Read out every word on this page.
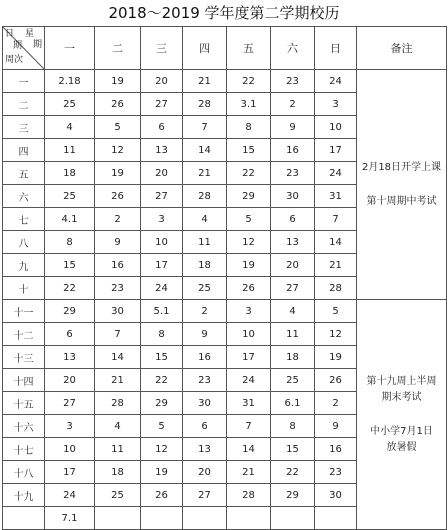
2018～2019 学年度第二学期校历
星
期
日
期
周次	一	二	三	四	五	六	日	备注
一	2.18	19	20	21	22	23	24	2月18日开学上课
第十周期中考试

二	25	26	27	28	3.1	2	3	
三	4	5	6	7	8	9	10	
四	11	12	13	14	15	16	17	
五	18	19	20	21	22	23	24	
六	25	26	27	28	29	30	31	
七	4.1	2	3	4	5	6	7	
八	8	9	10	11	12	13	14	
九	15	16	17	18	19	20	21	
十	22	23	24	25	26	27	28	
十一	29	30	5.1	2	3	4	5	第十九周上半周
期末考试
中小学7月1日
放暑假

十二	6	7	8	9	10	11	12	
十三	13	14	15	16	17	18	19	
十四	20	21	22	23	24	25	26	
十五	27	28	29	30	31	6.1	2	
十六	3	4	5	6	7	8	9	
十七	10	11	12	13	14	15	16	
十八	17	18	19	20	21	22	23	
十九	24	25	26	27	28	29	30	
	7.1							
